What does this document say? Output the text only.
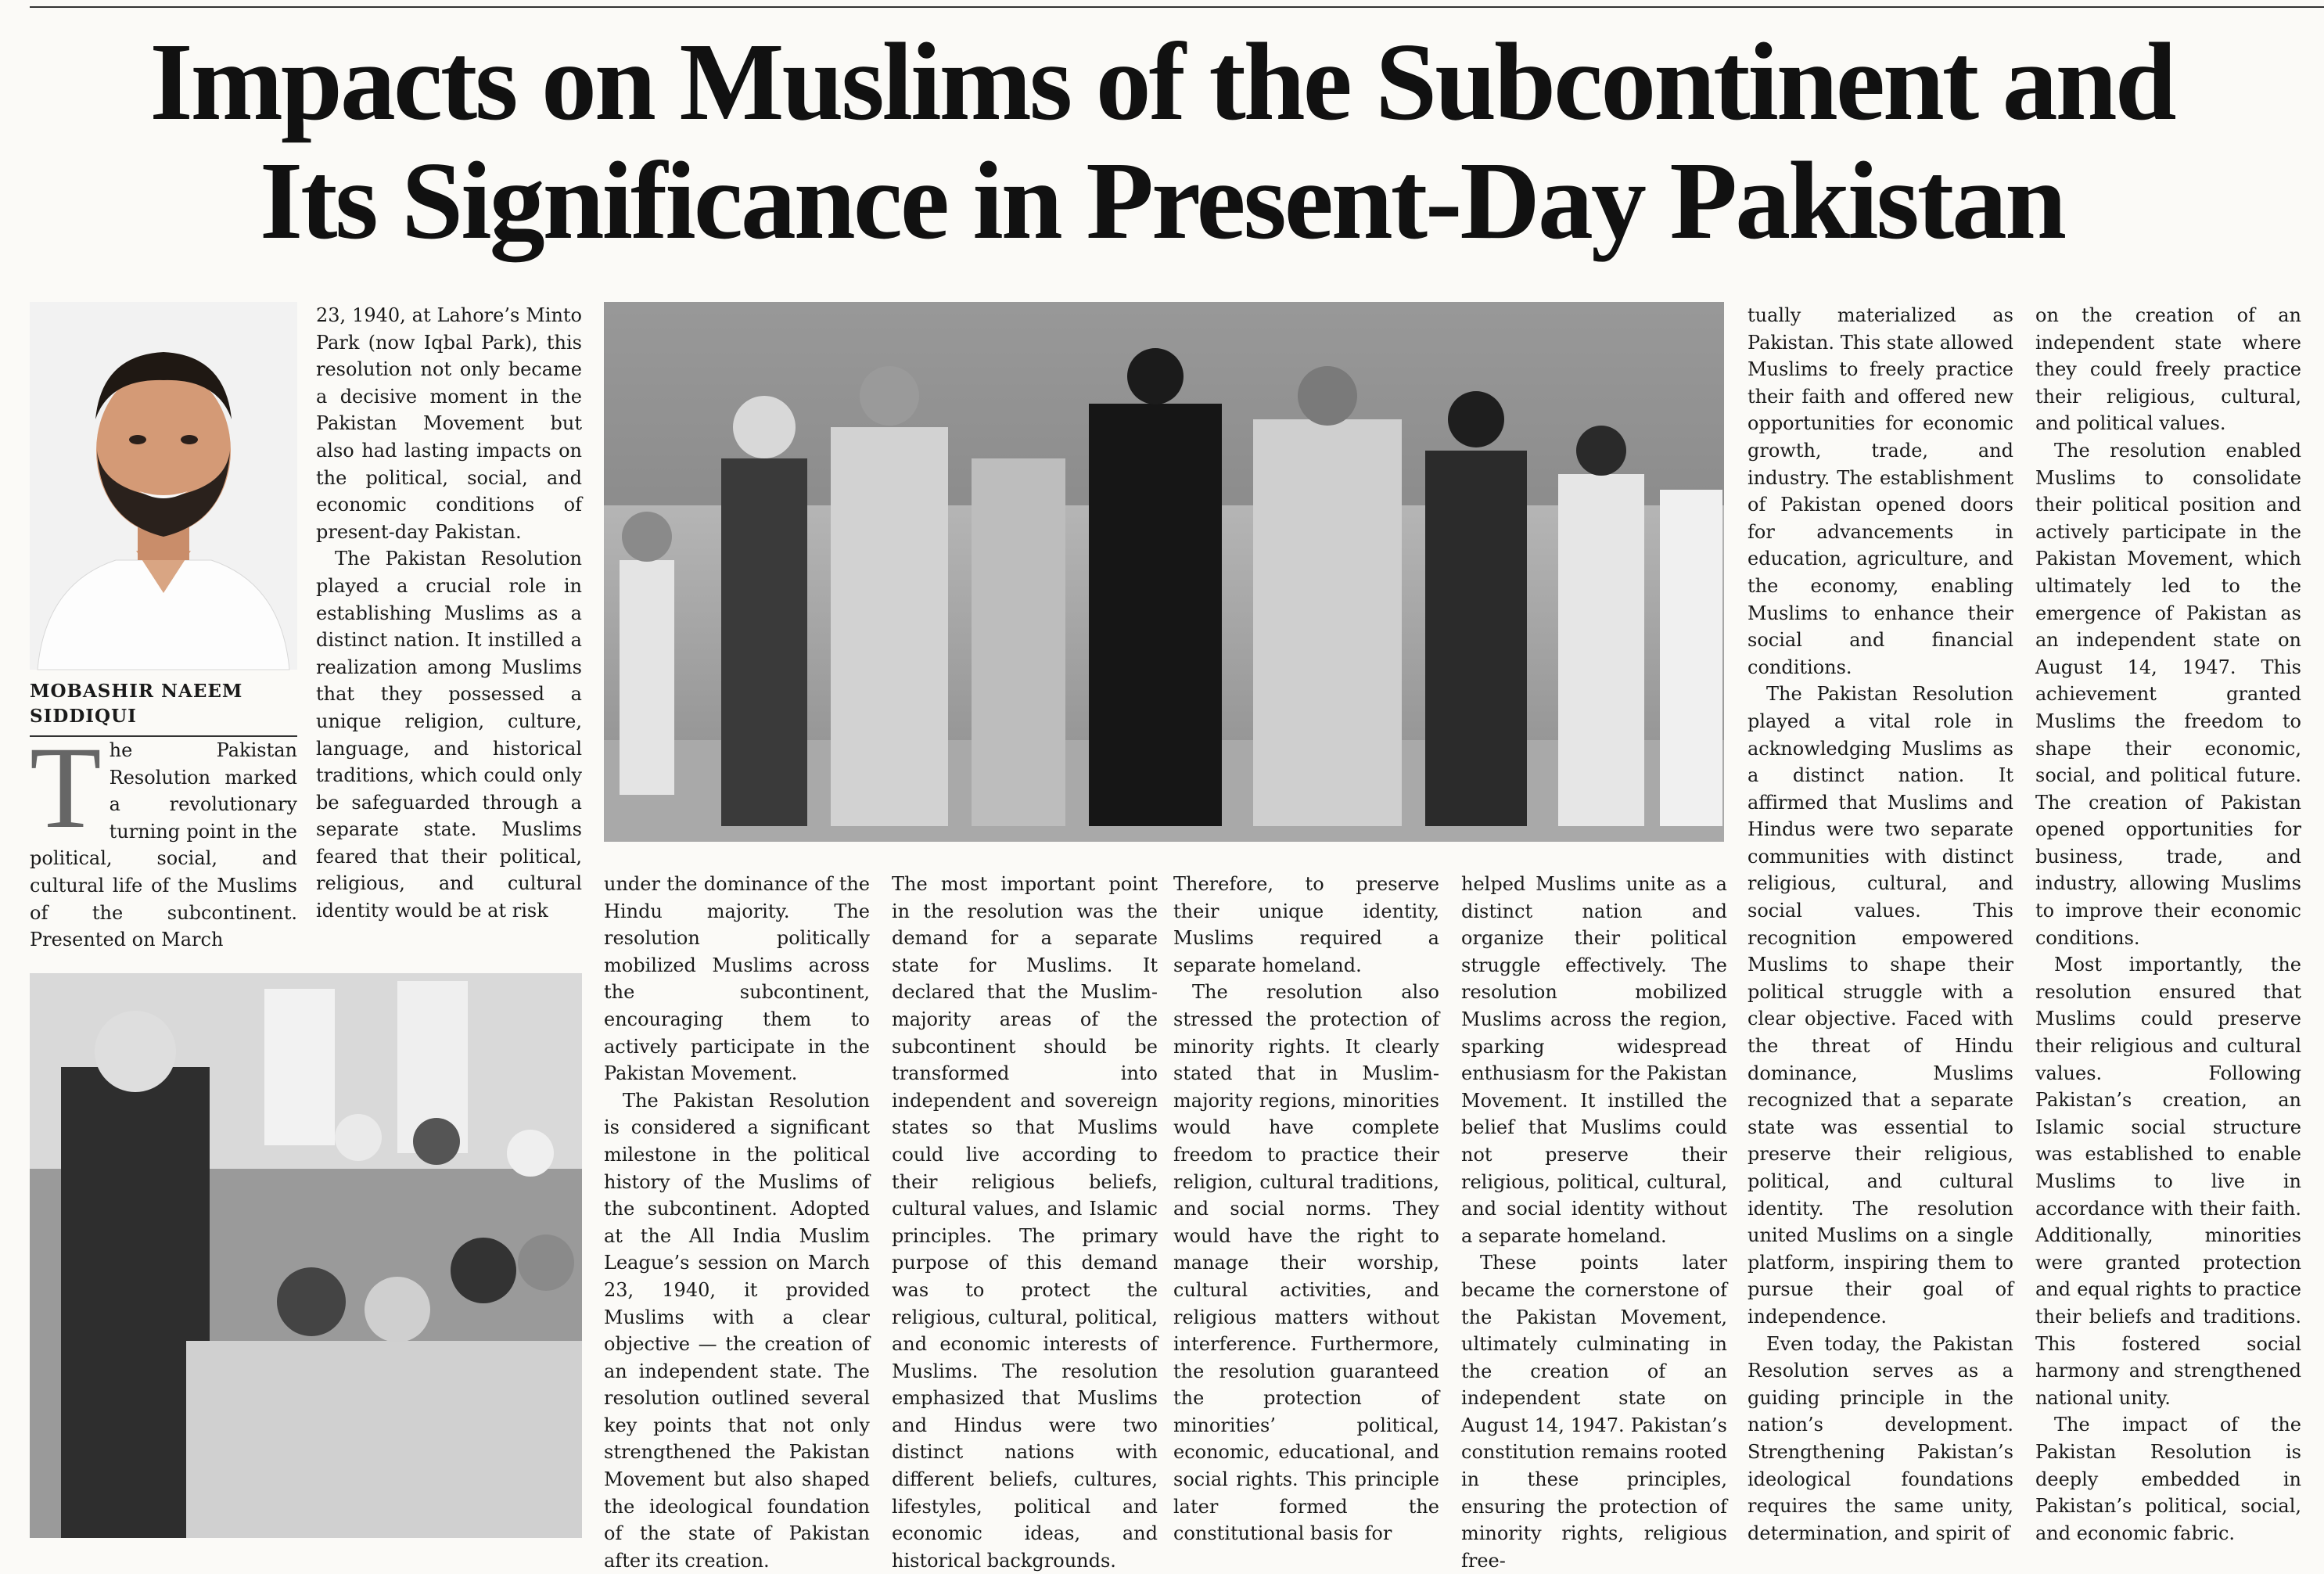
Impacts on Muslims of the Subcontinent and
Its Significance in Present-Day Pakistan
MOBASHIR NAEEM
SIDDIQUI
T he Pakistan Resolution marked a revolutionary turning point in the political, social, and cultural life of the Muslims of the subcontinent. Presented on March

23, 1940, at Lahore’s Minto Park (now Iqbal Park), this resolution not only became a decisive moment in the Pakistan Movement but also had lasting impacts on the political, social, and economic conditions of present-day Pakistan.

The Pakistan Resolution played a crucial role in establishing Muslims as a distinct nation. It instilled a realization among Muslims that they possessed a unique religion, culture, language, and historical traditions, which could only be safeguarded through a separate state. Muslims feared that their political, religious, and cultural identity would be at risk

under the dominance of the Hindu majority. The resolution politically mobilized Muslims across the subcontinent, encouraging them to actively participate in the Pakistan Movement.

The Pakistan Resolution is considered a significant milestone in the political history of the Muslims of the subcontinent. Adopted at the All India Muslim League’s session on March 23, 1940, it provided Muslims with a clear objective — the creation of an independent state. The resolution outlined several key points that not only strengthened the Pakistan Movement but also shaped the ideological foundation of the state of Pakistan after its creation.

The most important point in the resolution was the demand for a separate state for Muslims. It declared that the Muslim-majority areas of the subcontinent should be transformed into independent and sovereign states so that Muslims could live according to their religious beliefs, cultural values, and Islamic principles. The primary purpose of this demand was to protect the religious, cultural, political, and economic interests of Muslims. The resolution emphasized that Muslims and Hindus were two distinct nations with different beliefs, cultures, lifestyles, political and economic ideas, and historical backgrounds.

Therefore, to preserve their unique identity, Muslims required a separate homeland.

The resolution also stressed the protection of minority rights. It clearly stated that in Muslim-majority regions, minorities would have complete freedom to practice their religion, cultural traditions, and social norms. They would have the right to manage their worship, cultural activities, and religious matters without interference. Furthermore, the resolution guaranteed the protection of minorities’ political, economic, educational, and social rights. This principle later formed the constitutional basis for

helped Muslims unite as a distinct nation and organize their political struggle effectively. The resolution mobilized Muslims across the region, sparking widespread enthusiasm for the Pakistan Movement. It instilled the belief that Muslims could not preserve their religious, political, cultural, and social identity without a separate homeland.

These points later became the cornerstone of the Pakistan Movement, ultimately culminating in the creation of an independent state on August 14, 1947. Pakistan’s constitution remains rooted in these principles, ensuring the protection of minority rights, religious free-

tually materialized as Pakistan. This state allowed Muslims to freely practice their faith and offered new opportunities for economic growth, trade, and industry. The establishment of Pakistan opened doors for advancements in education, agriculture, and the economy, enabling Muslims to enhance their social and financial conditions.

The Pakistan Resolution played a vital role in acknowledging Muslims as a distinct nation. It affirmed that Muslims and Hindus were two separate communities with distinct religious, cultural, and social values. This recognition empowered Muslims to shape their political struggle with a clear objective. Faced with the threat of Hindu dominance, Muslims recognized that a separate state was essential to preserve their religious, political, and cultural identity. The resolution united Muslims on a single platform, inspiring them to pursue their goal of independence.

Even today, the Pakistan Resolution serves as a guiding principle in the nation’s development. Strengthening Pakistan’s ideological foundations requires the same unity, determination, and spirit of

on the creation of an independent state where they could freely practice their religious, cultural, and political values.

The resolution enabled Muslims to consolidate their political position and actively participate in the Pakistan Movement, which ultimately led to the emergence of Pakistan as an independent state on August 14, 1947. This achievement granted Muslims the freedom to shape their economic, social, and political future. The creation of Pakistan opened opportunities for business, trade, and industry, allowing Muslims to improve their economic conditions.

Most importantly, the resolution ensured that Muslims could preserve their religious and cultural values. Following Pakistan’s creation, an Islamic social structure was established to enable Muslims to live in accordance with their faith. Additionally, minorities were granted protection and equal rights to practice their beliefs and traditions. This fostered social harmony and strengthened national unity.

The impact of the Pakistan Resolution is deeply embedded in Pakistan’s political, social, and economic fabric.
